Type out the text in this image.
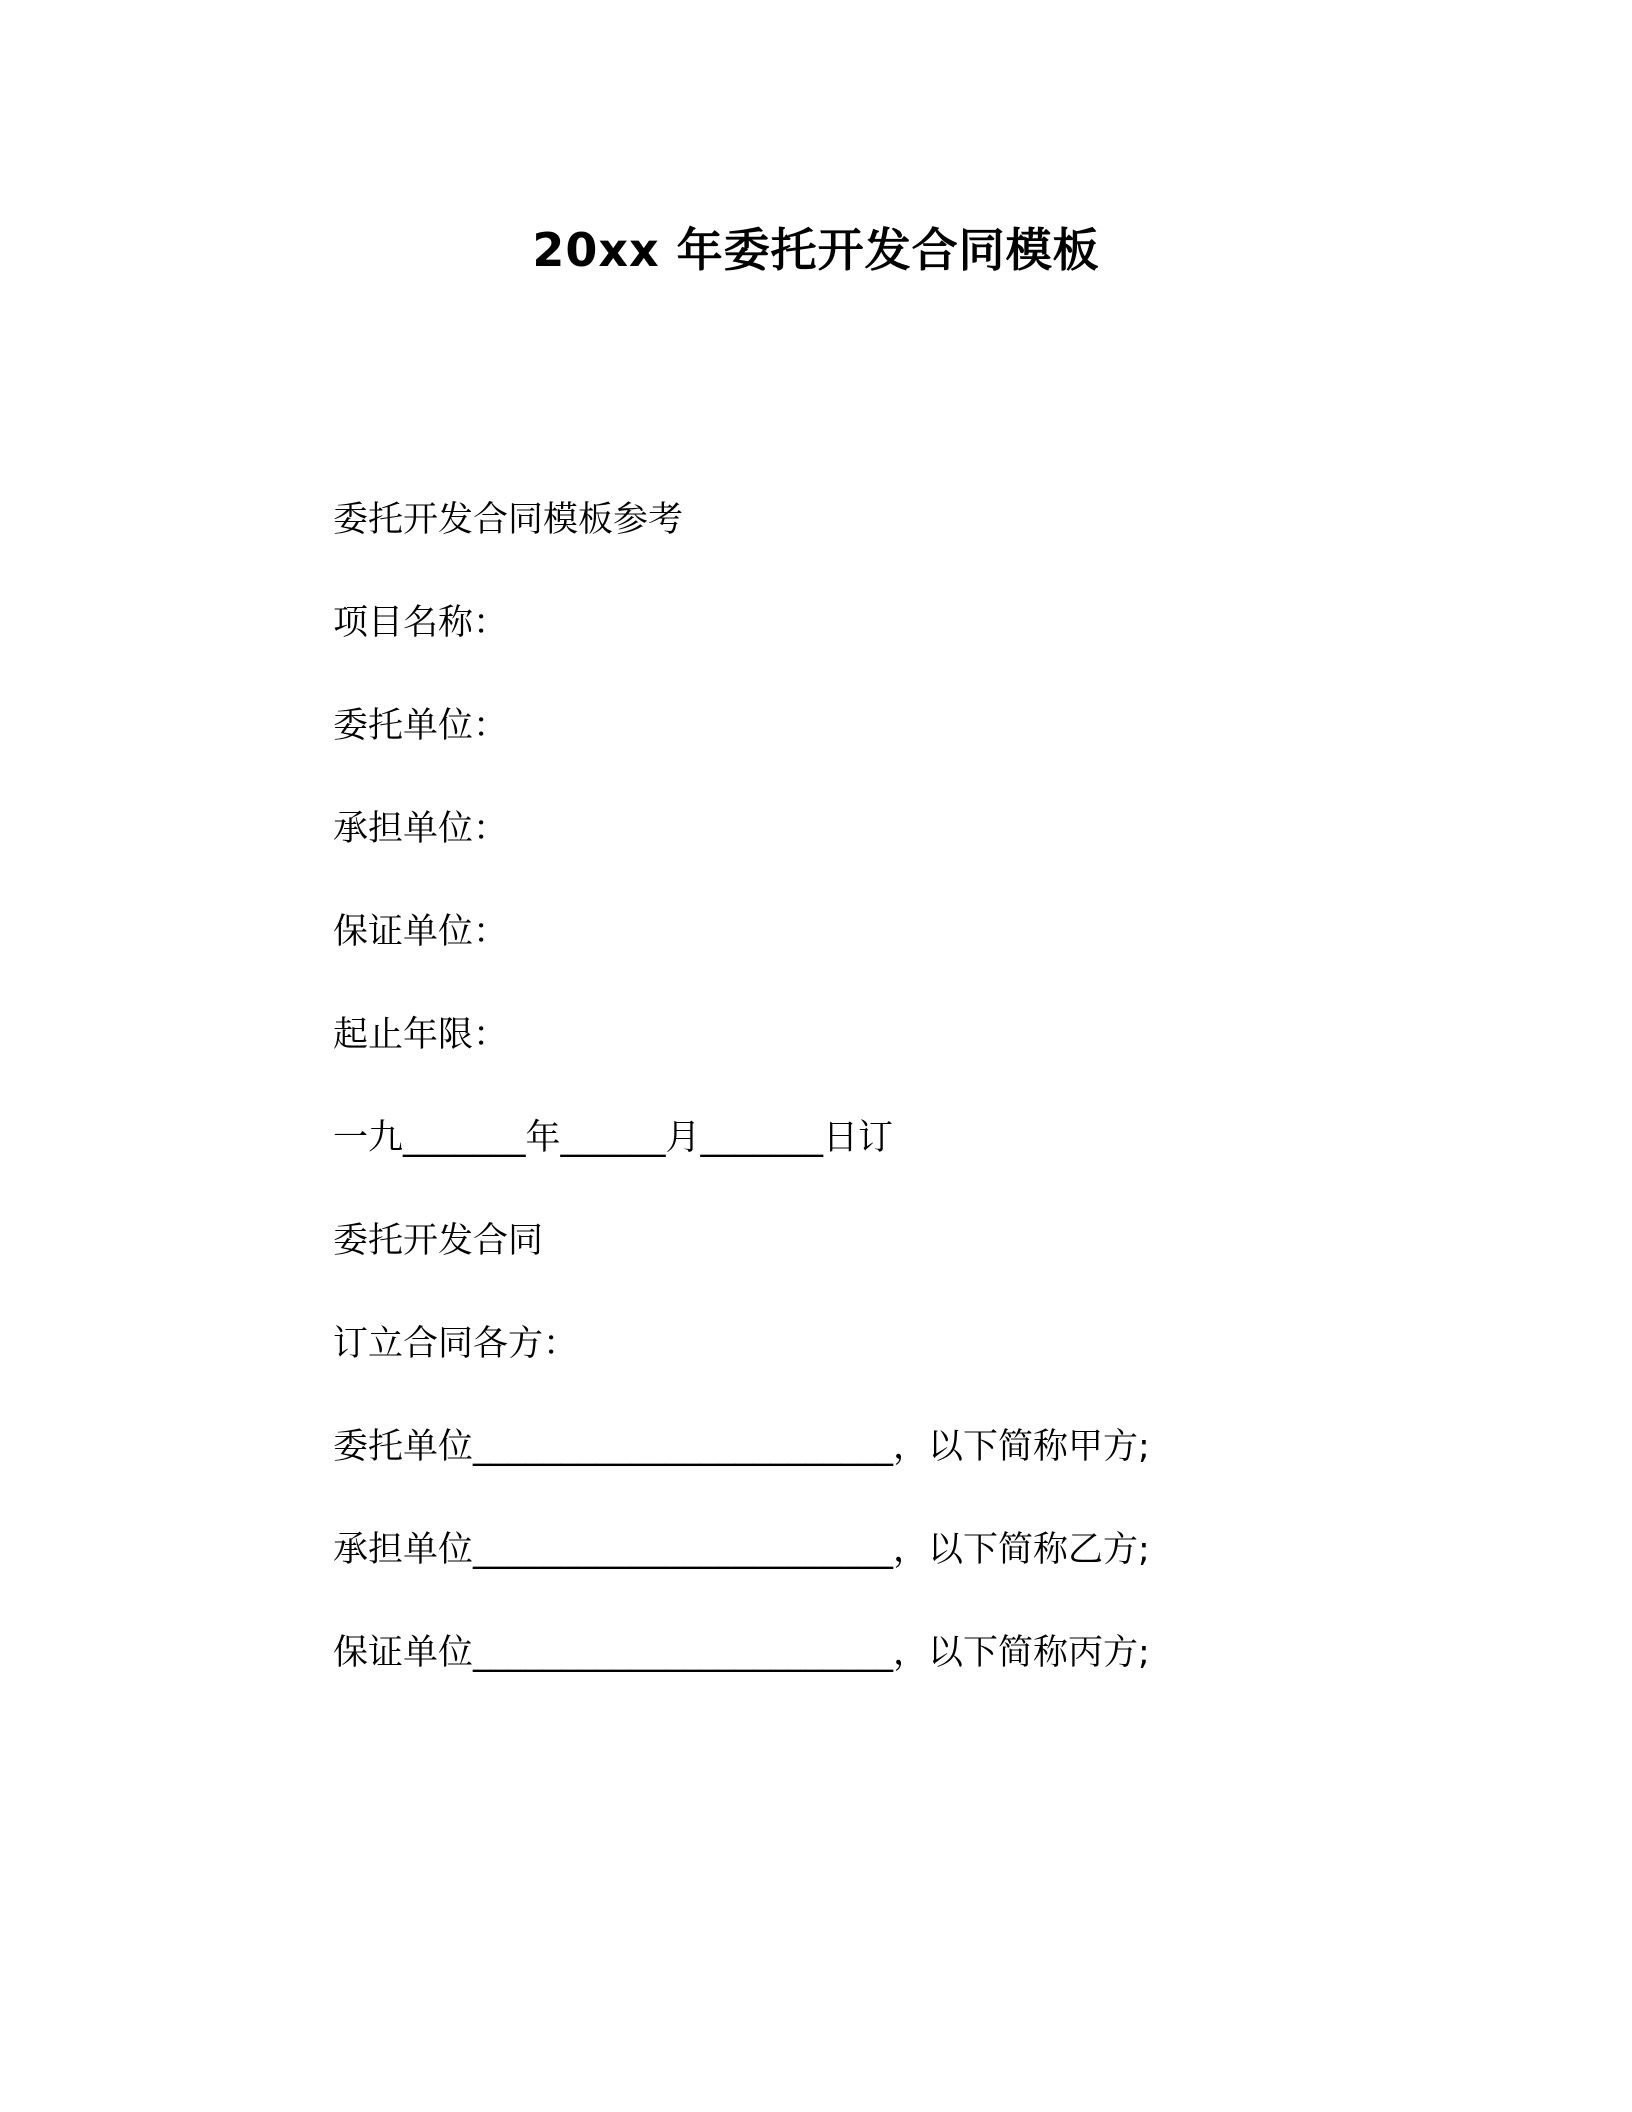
20xx 年委托开发合同模板
委托开发合同模板参考
项目名称：
委托单位：
承担单位：
保证单位：
起止年限：
一九_______年______月_______日订
委托开发合同
订立合同各方：
委托单位________________________，以下简称甲方;
承担单位________________________，以下简称乙方;
保证单位________________________，以下简称丙方;
